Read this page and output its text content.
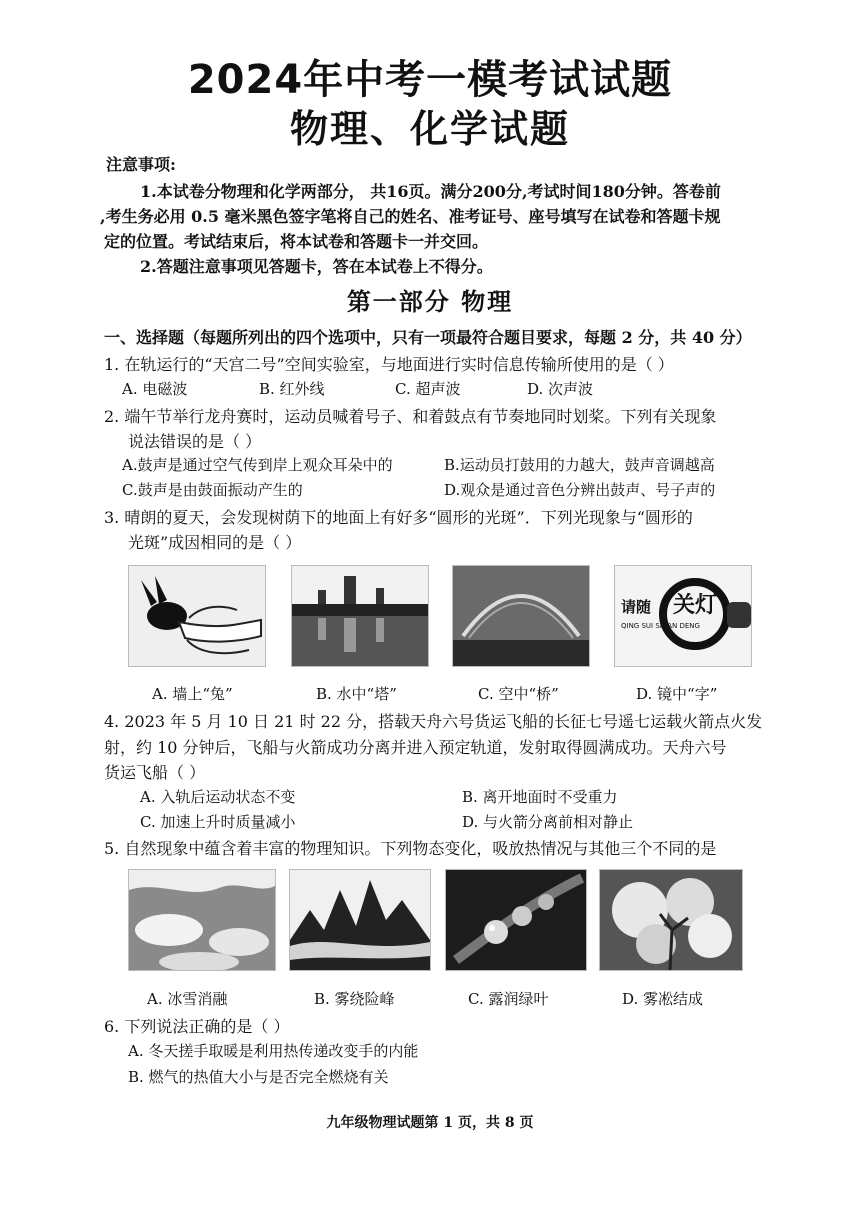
2024年中考一模考试试题
物理、化学试题
注意事项:
1.本试卷分物理和化学两部分， 共16页。满分200分,考试时间180分钟。答卷前
,考生务必用 0.5 毫米黑色签字笔将自己的姓名、准考证号、座号填写在试卷和答题卡规
定的位置。考试结束后，将本试卷和答题卡一并交回。
2.答题注意事项见答题卡，答在本试卷上不得分。
第一部分 物理
一、选择题（每题所列出的四个选项中，只有一项最符合题目要求，每题 2 分，共 40 分）
1. 在轨运行的“天宫二号”空间实验室，与地面进行实时信息传输所使用的是（ ）
A. 电磁波	B. 红外线	C. 超声波	D. 次声波
2. 端午节举行龙舟赛时，运动员喊着号子、和着鼓点有节奏地同时划桨。下列有关现象
说法错误的是（ ）
A.鼓声是通过空气传到岸上观众耳朵中的	B.运动员打鼓用的力越大，鼓声音调越高
C.鼓声是由鼓面振动产生的	D.观众是通过音色分辨出鼓声、号子声的
3. 晴朗的夏天，会发现树荫下的地面上有好多“圆形的光斑”．下列光现象与“圆形的
光斑”成因相同的是（ ）
请随 关灯
QING SUI SH AN DENG
A. 墙上“兔”	B. 水中“塔”	C. 空中“桥”	D. 镜中“字”
4. 2023 年 5 月 10 日 21 时 22 分，搭载天舟六号货运飞船的长征七号遥七运载火箭点火发
射，约 10 分钟后，飞船与火箭成功分离并进入预定轨道，发射取得圆满成功。天舟六号
货运飞船（ ）
A. 入轨后运动状态不变	B. 离开地面时不受重力
C. 加速上升时质量减小	D. 与火箭分离前相对静止
5. 自然现象中蕴含着丰富的物理知识。下列物态变化，吸放热情况与其他三个不同的是
A. 冰雪消融	B. 雾绕险峰	C. 露润绿叶	D. 雾凇结成
6. 下列说法正确的是（ ）
A. 冬天搓手取暖是利用热传递改变手的内能
B. 燃气的热值大小与是否完全燃烧有关
九年级物理试题第 1 页，共 8 页
